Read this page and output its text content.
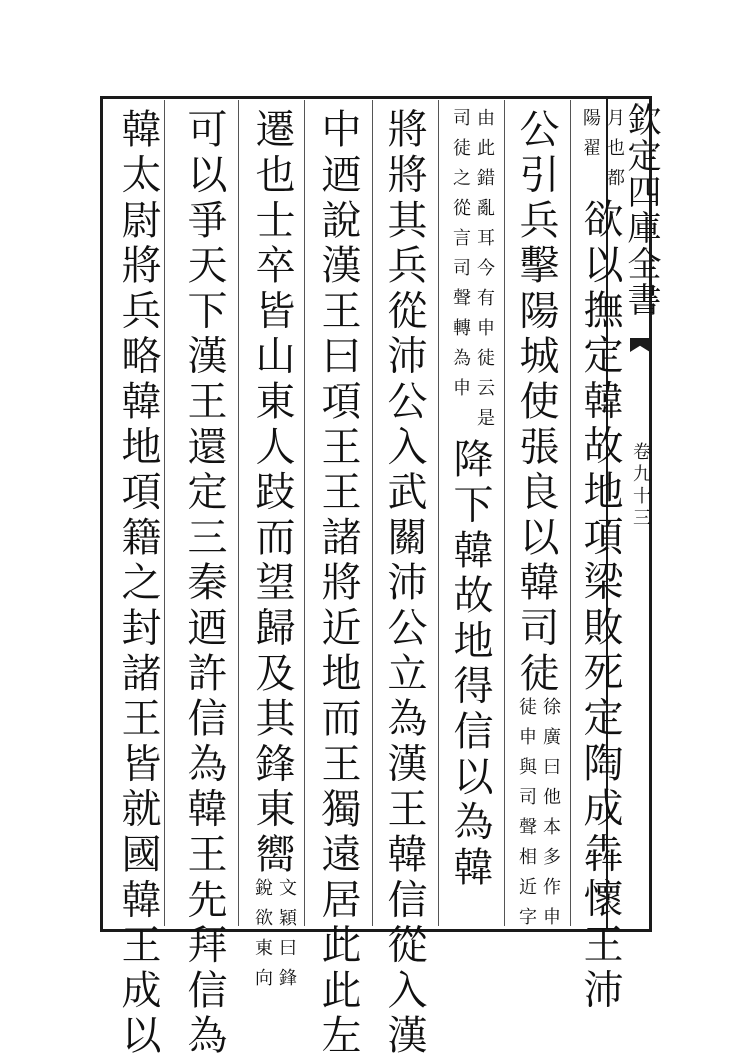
欽定四庫全書
卷九十三
月也都
陽翟
欲以撫定韓故地項梁敗死定陶成犇懷王沛
公引兵擊陽城使張良以韓司徒
徐廣曰他本多作申
徒申與司聲相近字
由此錯亂耳今有申徒云是
司徒之從言司聲轉為申
降下韓故地得信以為韓
將將其兵從沛公入武關沛公立為漢王韓信從入漢
中迺說漢王曰項王王諸將近地而王獨遠居此此左
遷也士卒皆山東人跂而望歸及其鋒東嚮
文穎曰鋒
銳欲東向
可以爭天下漢王還定三秦迺許信為韓王先拜信為
韓太尉將兵略韓地項籍之封諸王皆就國韓王成以
